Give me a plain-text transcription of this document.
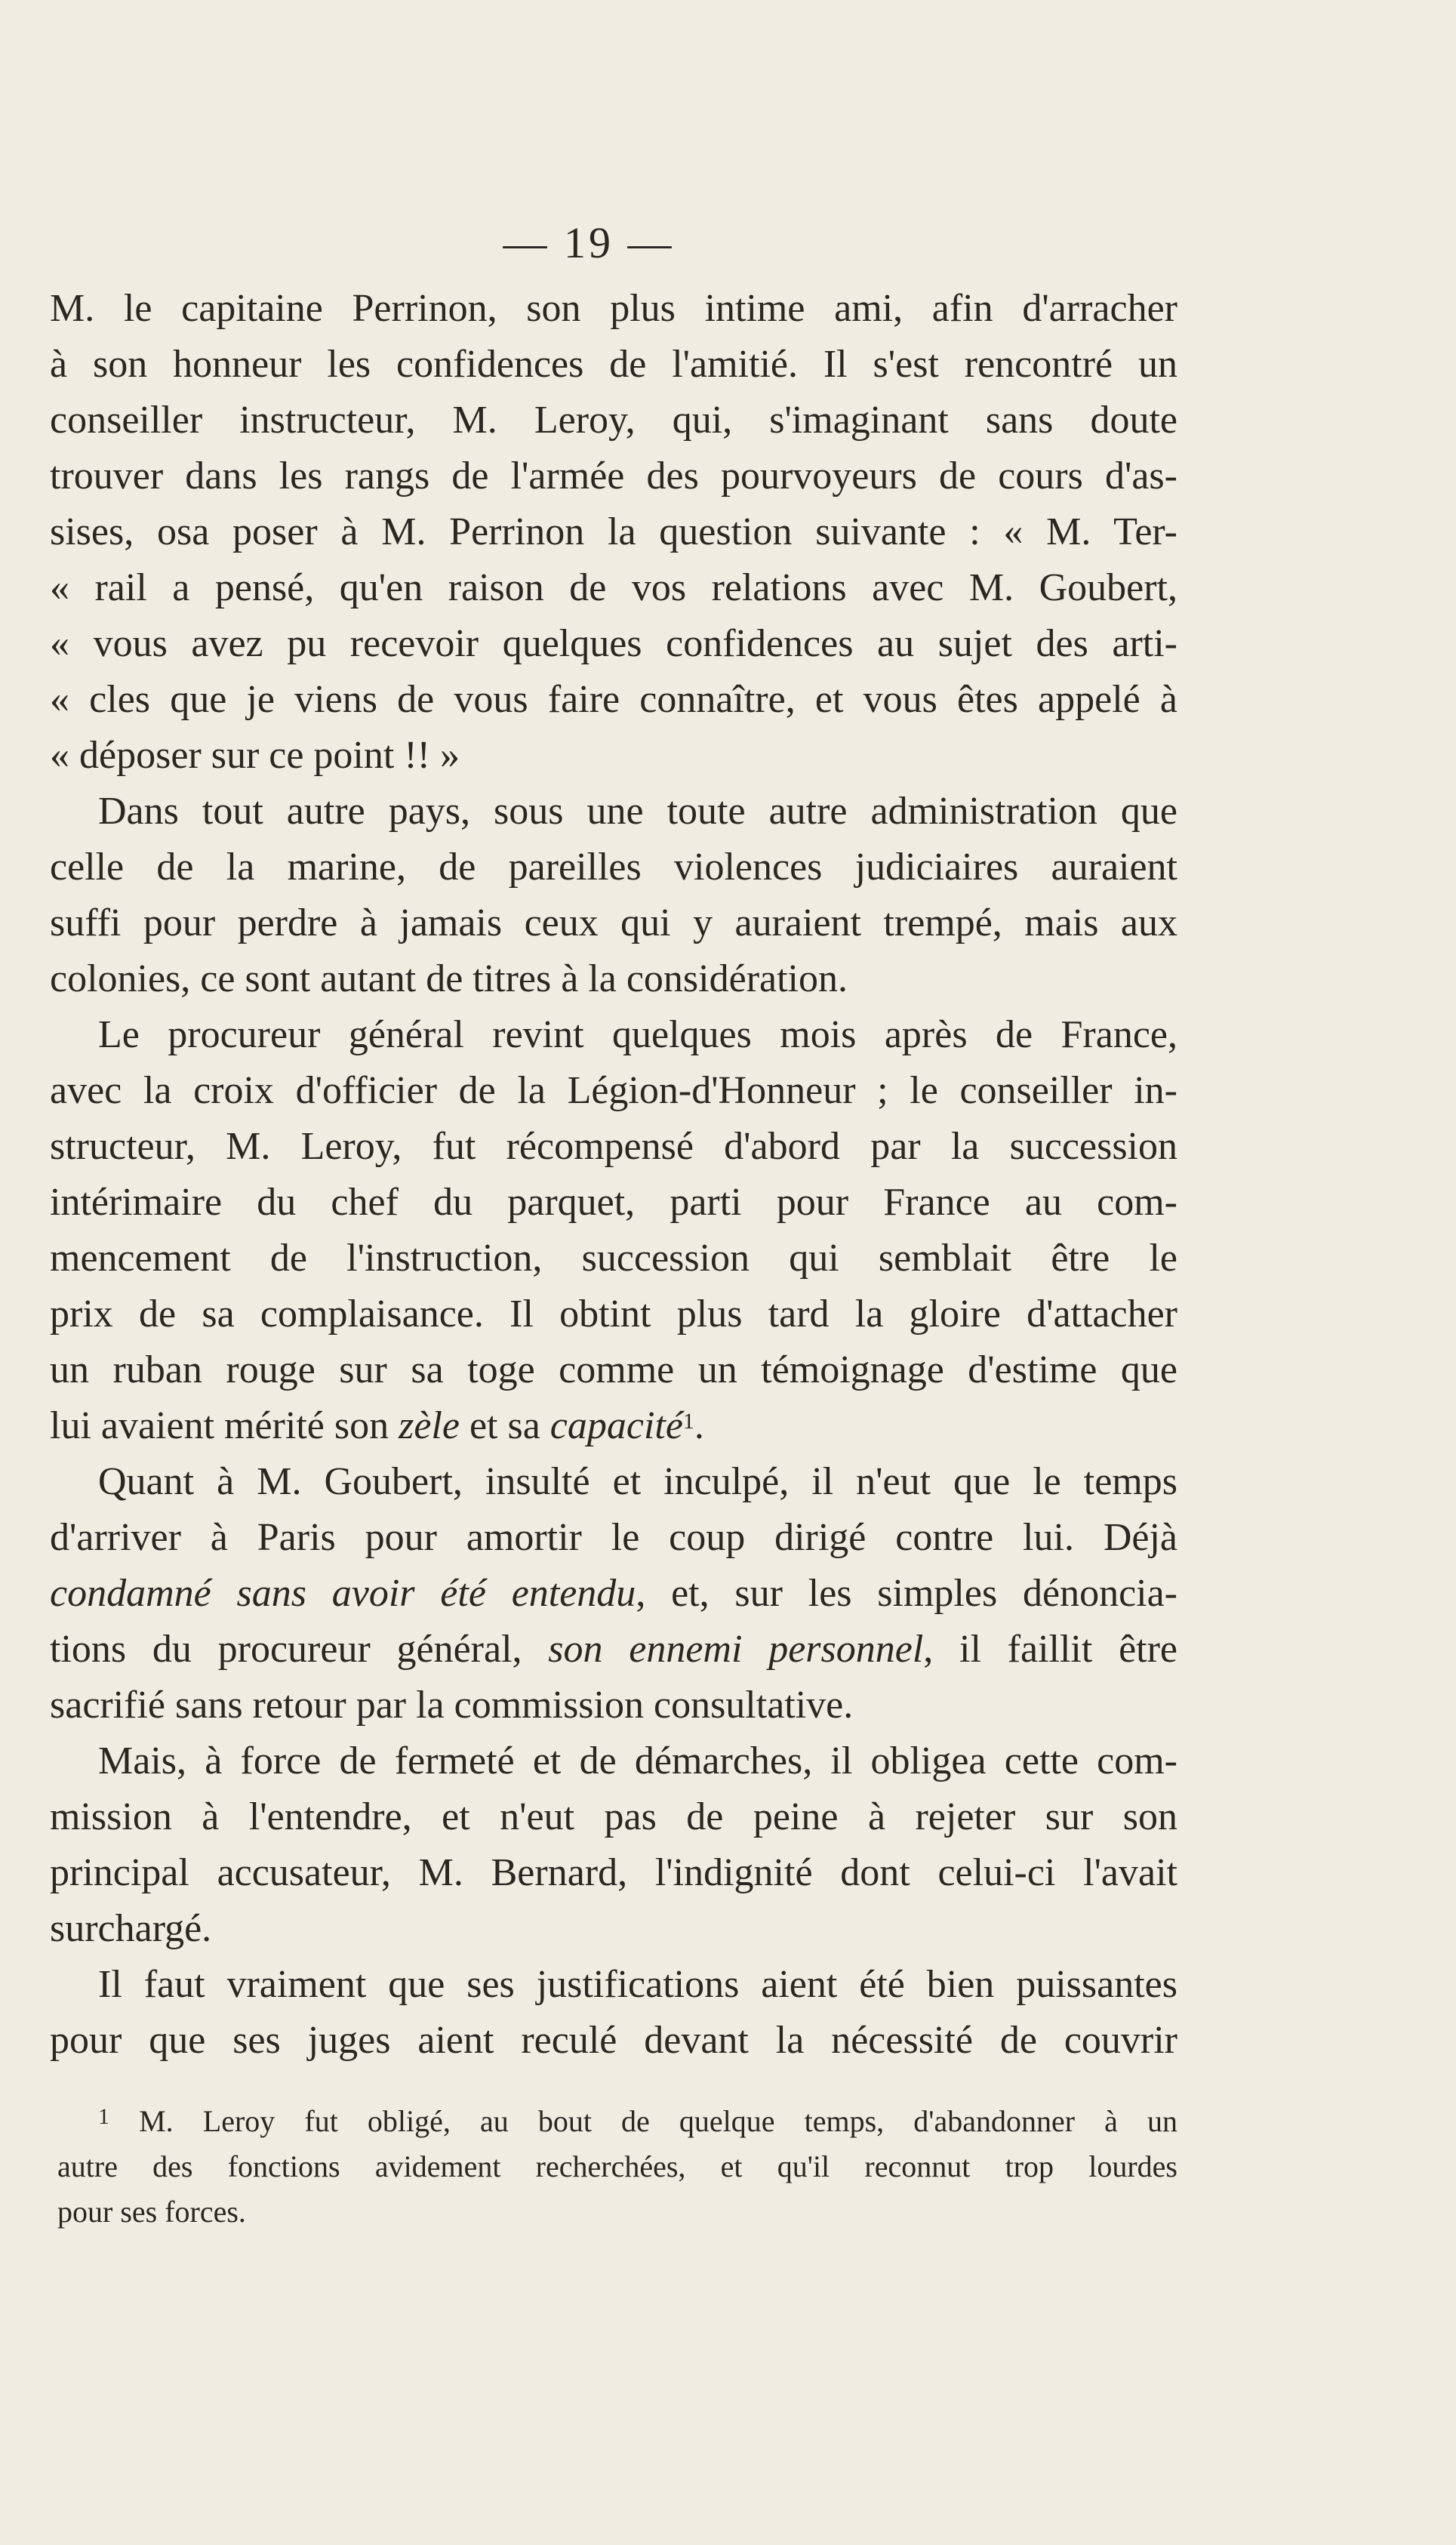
— 19 —
M. le capitaine Perrinon, son plus intime ami, afin d'arracher
à son honneur les confidences de l'amitié. Il s'est rencontré un
conseiller instructeur, M. Leroy, qui, s'imaginant sans doute
trouver dans les rangs de l'armée des pourvoyeurs de cours d'as-
sises, osa poser à M. Perrinon la question suivante : « M. Ter-
« rail a pensé, qu'en raison de vos relations avec M. Goubert,
« vous avez pu recevoir quelques confidences au sujet des arti-
« cles que je viens de vous faire connaître, et vous êtes appelé à
« déposer sur ce point !! »
Dans tout autre pays, sous une toute autre administration que
celle de la marine, de pareilles violences judiciaires auraient
suffi pour perdre à jamais ceux qui y auraient trempé, mais aux
colonies, ce sont autant de titres à la considération.
Le procureur général revint quelques mois après de France,
avec la croix d'officier de la Légion-d'Honneur ; le conseiller in-
structeur, M. Leroy, fut récompensé d'abord par la succession
intérimaire du chef du parquet, parti pour France au com-
mencement de l'instruction, succession qui semblait être le
prix de sa complaisance. Il obtint plus tard la gloire d'attacher
un ruban rouge sur sa toge comme un témoignage d'estime que
lui avaient mérité son zèle et sa capacité$^1$.
Quant à M. Goubert, insulté et inculpé, il n'eut que le temps
d'arriver à Paris pour amortir le coup dirigé contre lui. Déjà
condamné sans avoir été entendu, et, sur les simples dénoncia-
tions du procureur général, son ennemi personnel, il faillit être
sacrifié sans retour par la commission consultative.
Mais, à force de fermeté et de démarches, il obligea cette com-
mission à l'entendre, et n'eut pas de peine à rejeter sur son
principal accusateur, M. Bernard, l'indignité dont celui-ci l'avait
surchargé.
Il faut vraiment que ses justifications aient été bien puissantes
pour que ses juges aient reculé devant la nécessité de couvrir
$^1$ M. Leroy fut obligé, au bout de quelque temps, d'abandonner à un
autre des fonctions avidement recherchées, et qu'il reconnut trop lourdes
pour ses forces.
